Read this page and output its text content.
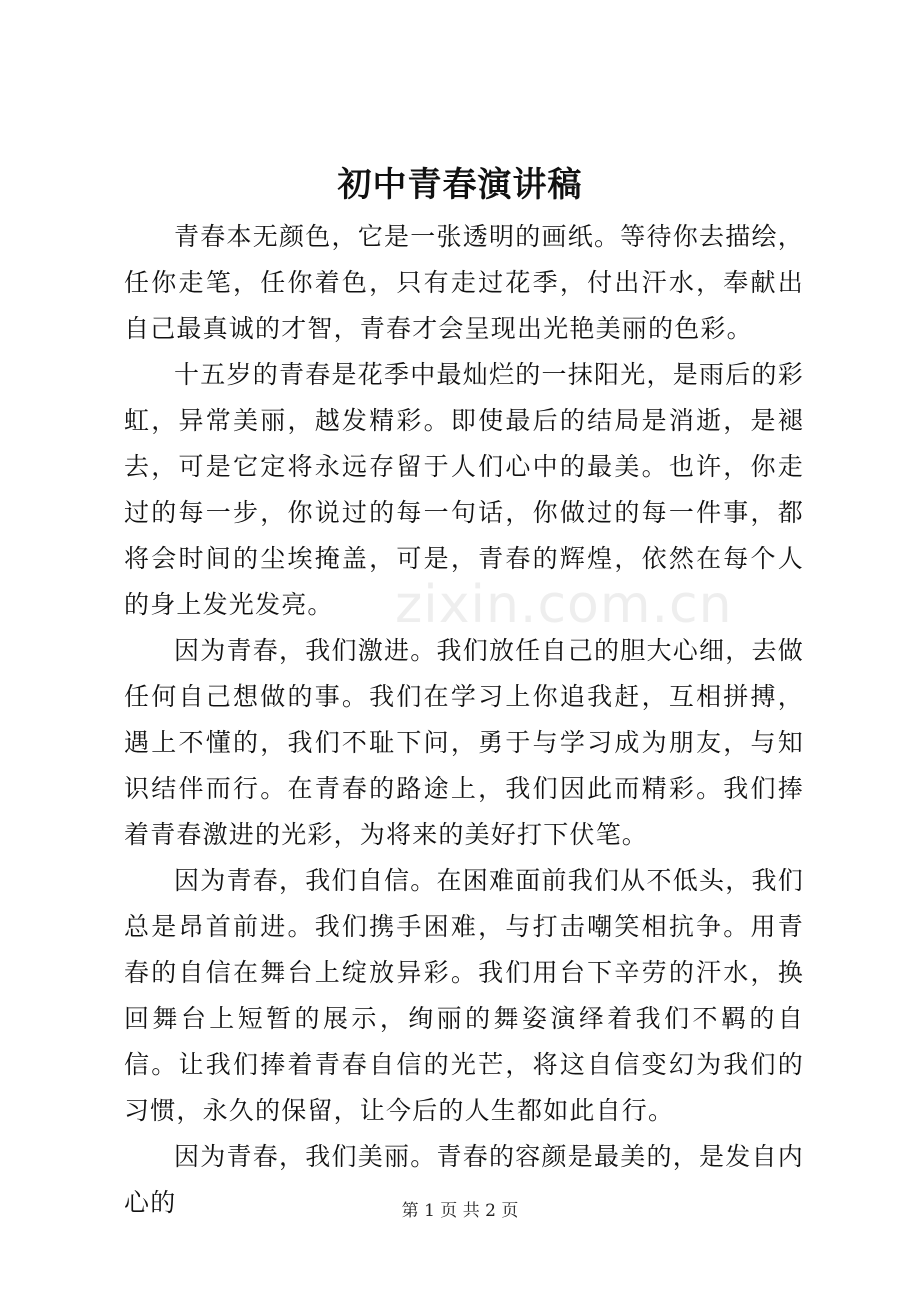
初中青春演讲稿

青春本无颜色，它是一张透明的画纸。等待你去描绘，任你走笔，任你着色，只有走过花季，付出汗水，奉献出自己最真诚的才智，青春才会呈现出光艳美丽的色彩。

十五岁的青春是花季中最灿烂的一抹阳光，是雨后的彩虹，异常美丽，越发精彩。即使最后的结局是消逝，是褪去，可是它定将永远存留于人们心中的最美。也许，你走过的每一步，你说过的每一句话，你做过的每一件事，都将会时间的尘埃掩盖，可是，青春的辉煌，依然在每个人的身上发光发亮。

因为青春，我们激进。我们放任自己的胆大心细，去做任何自己想做的事。我们在学习上你追我赶，互相拼搏，遇上不懂的，我们不耻下问，勇于与学习成为朋友，与知识结伴而行。在青春的路途上，我们因此而精彩。我们捧着青春激进的光彩，为将来的美好打下伏笔。

因为青春，我们自信。在困难面前我们从不低头，我们总是昂首前进。我们携手困难，与打击嘲笑相抗争。用青春的自信在舞台上绽放异彩。我们用台下辛劳的汗水，换回舞台上短暂的展示，绚丽的舞姿演绎着我们不羁的自信。让我们捧着青春自信的光芒，将这自信变幻为我们的习惯，永久的保留，让今后的人生都如此自行。

因为青春，我们美丽。青春的容颜是最美的，是发自内心的

zixin.com.cn
第 1 页 共 2 页
